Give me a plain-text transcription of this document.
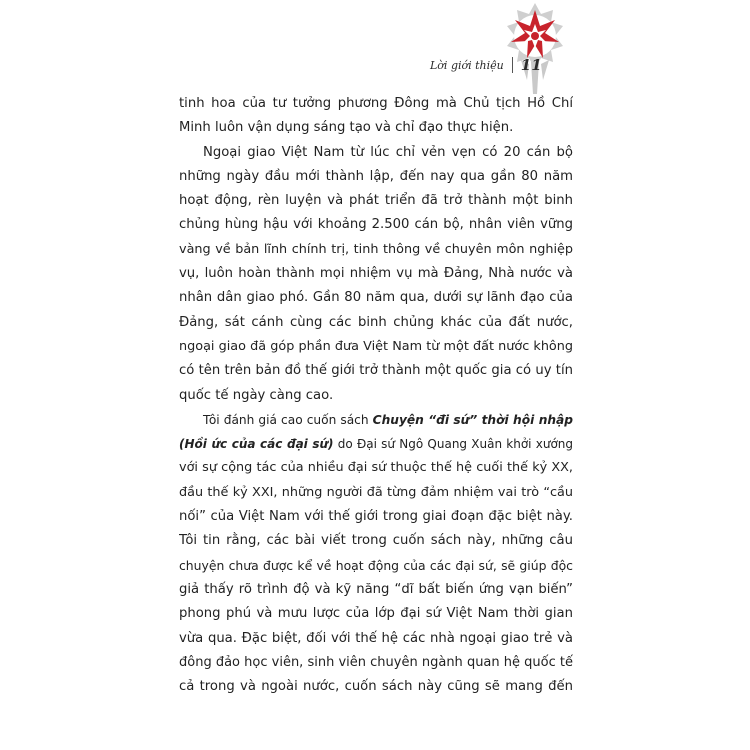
Lời giới thiệu	11
tinh hoa của tư tưởng phương Đông mà Chủ tịch Hồ Chí
Minh luôn vận dụng sáng tạo và chỉ đạo thực hiện.
Ngoại giao Việt Nam từ lúc chỉ vẻn vẹn có 20 cán bộ
những ngày đầu mới thành lập, đến nay qua gần 80 năm
hoạt động, rèn luyện và phát triển đã trở thành một binh
chủng hùng hậu với khoảng 2.500 cán bộ, nhân viên vững
vàng về bản lĩnh chính trị, tinh thông về chuyên môn nghiệp
vụ, luôn hoàn thành mọi nhiệm vụ mà Đảng, Nhà nước và
nhân dân giao phó. Gần 80 năm qua, dưới sự lãnh đạo của
Đảng, sát cánh cùng các binh chủng khác của đất nước,
ngoại giao đã góp phần đưa Việt Nam từ một đất nước không
có tên trên bản đồ thế giới trở thành một quốc gia có uy tín
quốc tế ngày càng cao.
Tôi đánh giá cao cuốn sách Chuyện “đi sứ” thời hội nhập
(Hồi ức của các đại sứ) do Đại sứ Ngô Quang Xuân khởi xướng
với sự cộng tác của nhiều đại sứ thuộc thế hệ cuối thế kỷ XX,
đầu thế kỷ XXI, những người đã từng đảm nhiệm vai trò “cầu
nối” của Việt Nam với thế giới trong giai đoạn đặc biệt này.
Tôi tin rằng, các bài viết trong cuốn sách này, những câu
chuyện chưa được kể về hoạt động của các đại sứ, sẽ giúp độc
giả thấy rõ trình độ và kỹ năng “dĩ bất biến ứng vạn biến”
phong phú và mưu lược của lớp đại sứ Việt Nam thời gian
vừa qua. Đặc biệt, đối với thế hệ các nhà ngoại giao trẻ và
đông đảo học viên, sinh viên chuyên ngành quan hệ quốc tế
cả trong và ngoài nước, cuốn sách này cũng sẽ mang đến
